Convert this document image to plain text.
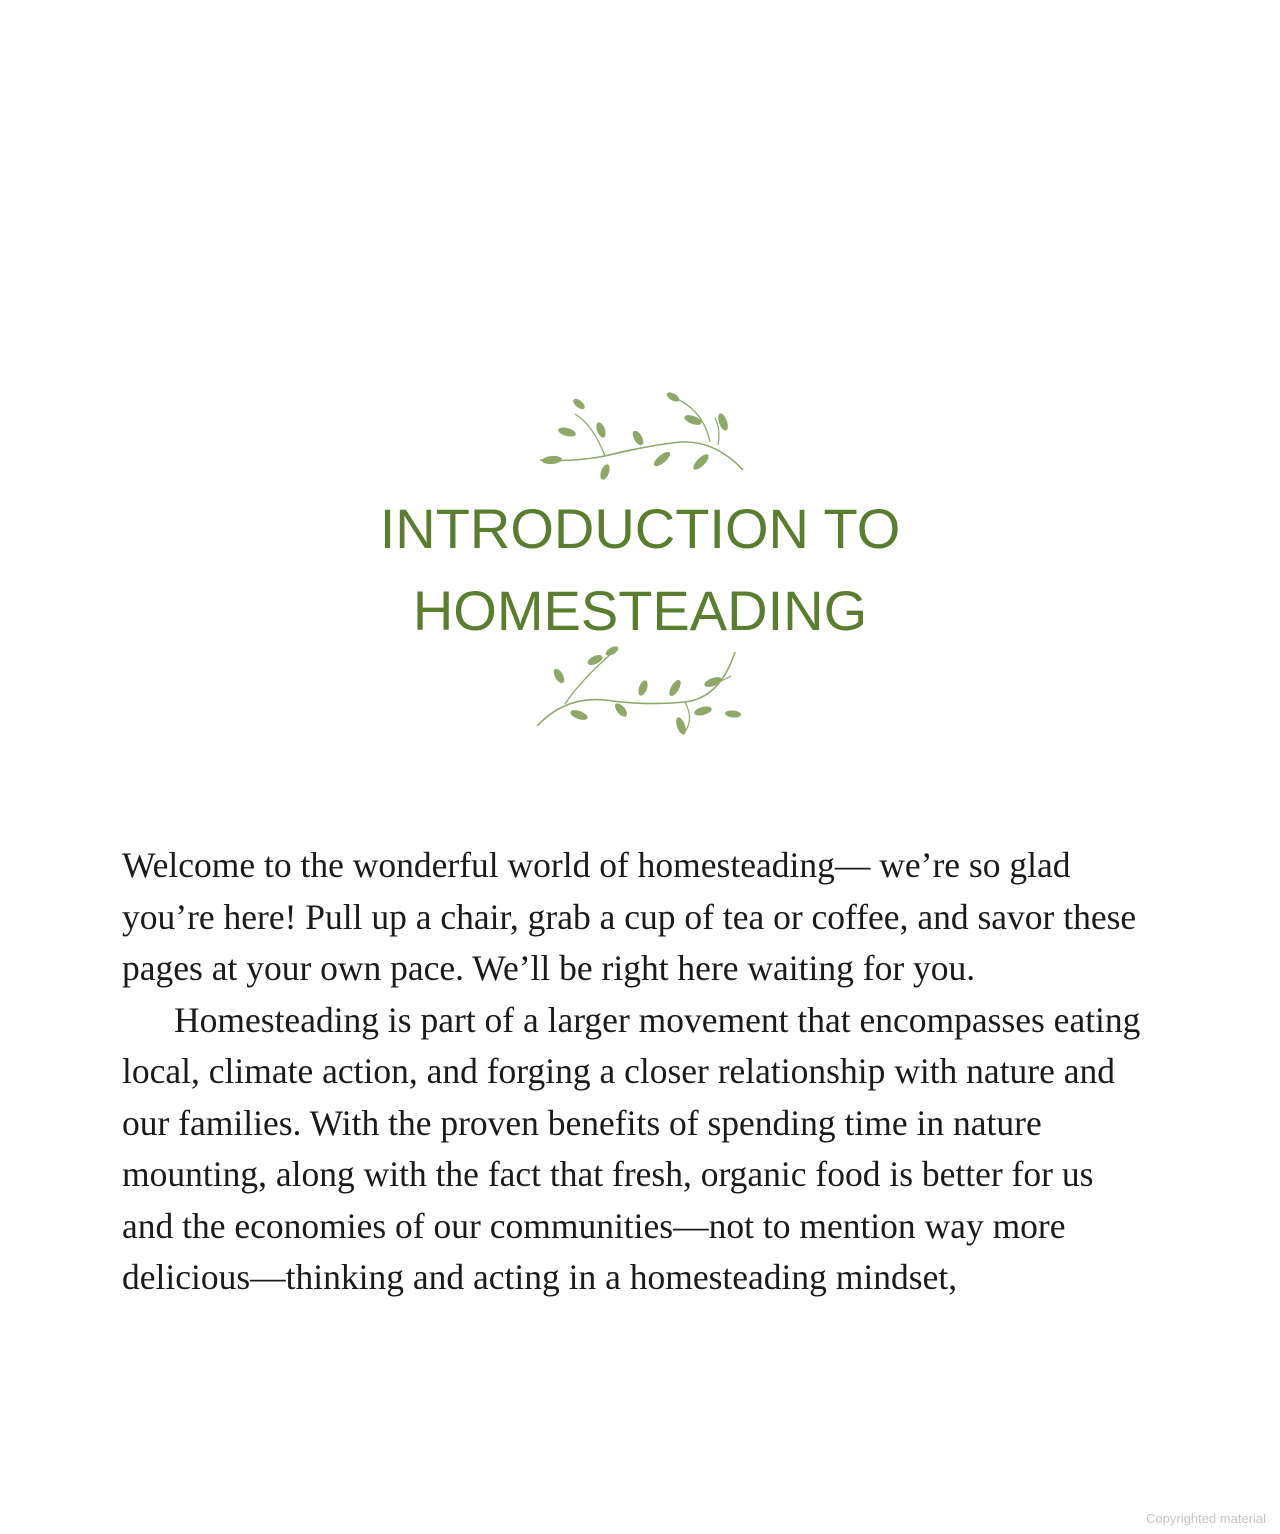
INTRODUCTION TO
HOMESTEADING

Welcome to the wonderful world of homesteading— we’re so glad you’re here! Pull up a chair, grab a cup of tea or coffee, and savor these pages at your own pace. We’ll be right here waiting for you.

Homesteading is part of a larger movement that encompasses eating local, climate action, and forging a closer relationship with nature and our families. With the proven benefits of spending time in nature mounting, along with the fact that fresh, organic food is better for us and the economies of our communities—not to mention way more delicious—thinking and acting in a homesteading mindset,

Copyrighted material
